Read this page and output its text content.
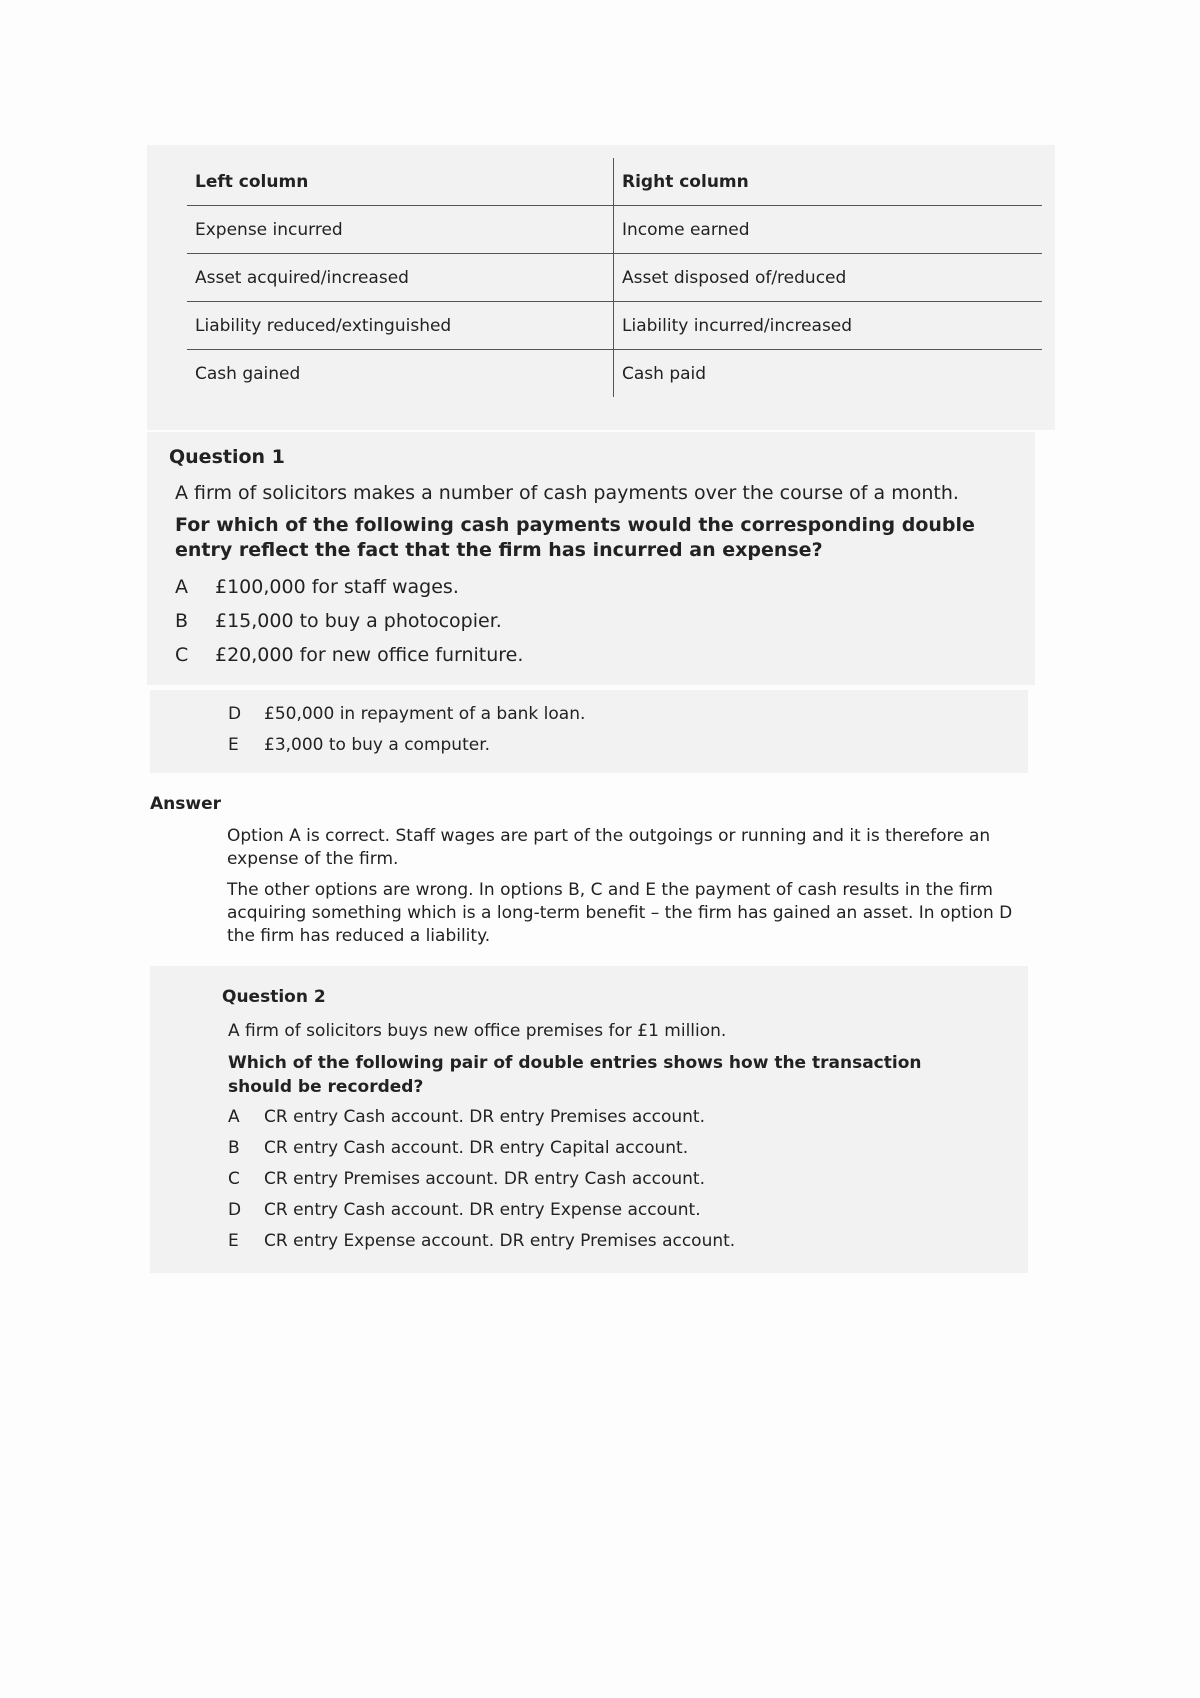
Left column	Right column
Expense incurred	Income earned
Asset acquired/increased	Asset disposed of/reduced
Liability reduced/extinguished	Liability incurred/increased
Cash gained	Cash paid
Question 1
A firm of solicitors makes a number of cash payments over the course of a month.
For which of the following cash payments would the corresponding double entry reflect the fact that the firm has incurred an expense?
A	£100,000 for staff wages.
B	£15,000 to buy a photocopier.
C	£20,000 for new office furniture.
D	£50,000 in repayment of a bank loan.
E	£3,000 to buy a computer.
Answer

Option A is correct. Staff wages are part of the outgoings or running and it is therefore an expense of the firm.

The other options are wrong. In options B, C and E the payment of cash results in the firm acquiring something which is a long-term benefit – the firm has gained an asset. In option D the firm has reduced a liability.

Question 2
A firm of solicitors buys new office premises for £1 million.
Which of the following pair of double entries shows how the transaction should be recorded?
A	CR entry Cash account. DR entry Premises account.
B	CR entry Cash account. DR entry Capital account.
C	CR entry Premises account. DR entry Cash account.
D	CR entry Cash account. DR entry Expense account.
E	CR entry Expense account. DR entry Premises account.
